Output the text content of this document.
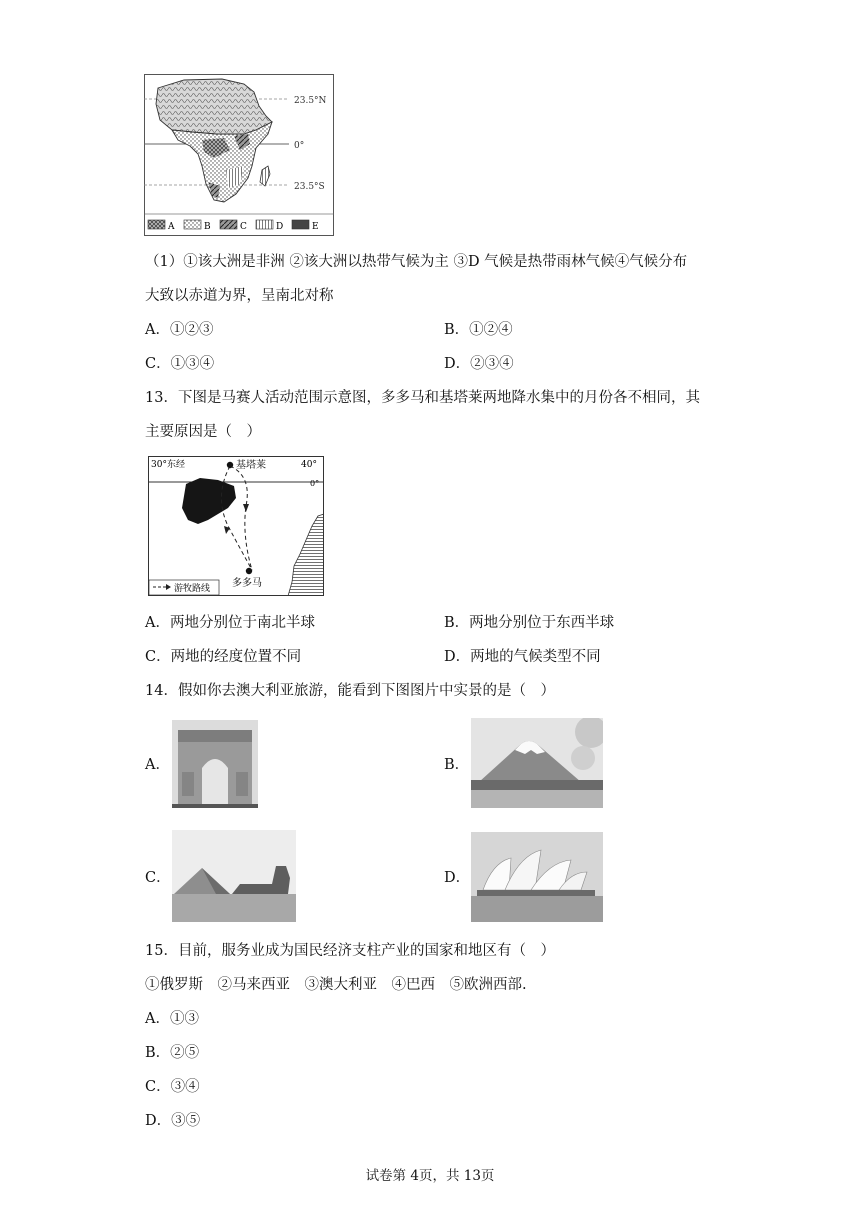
23.5°N
0°
23.5°S
A	B	C	D	E
（1）①该大洲是非洲 ②该大洲以热带气候为主 ③D 气候是热带雨林气候④气候分布
大致以赤道为界，呈南北对称
A．①②③	B．①②④
C．①③④	D．②③④
13．下图是马赛人活动范围示意图，多多马和基塔莱两地降水集中的月份各不相同，其
主要原因是（　）
基塔莱
多多马
30°东经	40°
0°
游牧路线
A．两地分别位于南北半球	B．两地分别位于东西半球
C．两地的经度位置不同	D．两地的气候类型不同
14．假如你去澳大利亚旅游，能看到下图图片中实景的是（　）
A．	B．
C．	D．
15．目前，服务业成为国民经济支柱产业的国家和地区有（　）
①俄罗斯　②马来西亚　③澳大利亚　④巴西　⑤欧洲西部.
A．①③
B．②⑤
C．③④
D．③⑤
试卷第 4页，共 13页
